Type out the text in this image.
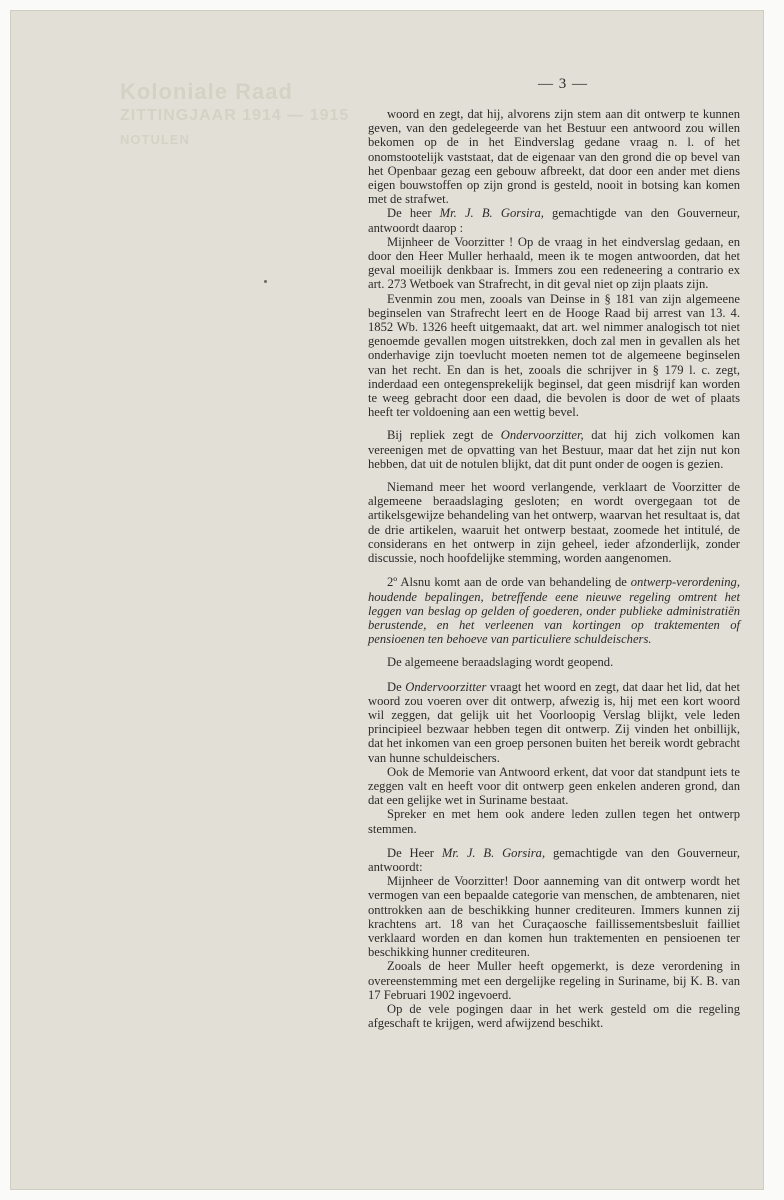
Koloniale Raad
ZITTINGJAAR 1914 — 1915
NOTULEN
— 3 —

woord en zegt, dat hij, alvorens zijn stem aan dit ontwerp te kunnen geven, van den gedelegeerde van het Bestuur een antwoord zou willen bekomen op de in het Eindverslag gedane vraag n. l. of het onomstootelijk vaststaat, dat de eigenaar van den grond die op bevel van het Openbaar gezag een gebouw afbreekt, dat door een ander met diens eigen bouwstoffen op zijn grond is gesteld, nooit in botsing kan komen met de strafwet.

De heer Mr. J. B. Gorsira, gemachtigde van den Gouverneur, antwoordt daarop :

Mijnheer de Voorzitter ! Op de vraag in het eindverslag gedaan, en door den Heer Muller herhaald, meen ik te mogen antwoorden, dat het geval moeilijk denkbaar is. Immers zou een redeneering a contrario ex art. 273 Wetboek van Strafrecht, in dit geval niet op zijn plaats zijn.

Evenmin zou men, zooals van Deinse in § 181 van zijn algemeene beginselen van Strafrecht leert en de Hooge Raad bij arrest van 13. 4. 1852 Wb. 1326 heeft uitgemaakt, dat art. wel nimmer analogisch tot niet genoemde gevallen mogen uitstrekken, doch zal men in gevallen als het onderhavige zijn toevlucht moeten nemen tot de algemeene beginselen van het recht. En dan is het, zooals die schrijver in § 179 l. c. zegt, inderdaad een ontegensprekelijk beginsel, dat geen misdrijf kan worden te weeg gebracht door een daad, die bevolen is door de wet of plaats heeft ter voldoening aan een wettig bevel.

Bij repliek zegt de Ondervoorzitter, dat hij zich volkomen kan vereenigen met de opvatting van het Bestuur, maar dat het zijn nut kon hebben, dat uit de notulen blijkt, dat dit punt onder de oogen is gezien.

Niemand meer het woord verlangende, verklaart de Voorzitter de algemeene beraadslaging gesloten; en wordt overgegaan tot de artikelsgewijze behandeling van het ontwerp, waarvan het resultaat is, dat de drie artikelen, waaruit het ontwerp bestaat, zoomede het intitulé, de considerans en het ontwerp in zijn geheel, ieder afzonderlijk, zonder discussie, noch hoofdelijke stemming, worden aangenomen.

2º Alsnu komt aan de orde van behandeling de ontwerp-verordening, houdende bepalingen, betreffende eene nieuwe regeling omtrent het leggen van beslag op gelden of goederen, onder publieke administratiën berustende, en het verleenen van kortingen op traktementen of pensioenen ten behoeve van particuliere schuldeischers.

De algemeene beraadslaging wordt geopend.

De Ondervoorzitter vraagt het woord en zegt, dat daar het lid, dat het woord zou voeren over dit ontwerp, afwezig is, hij met een kort woord wil zeggen, dat gelijk uit het Voorloopig Verslag blijkt, vele leden principieel bezwaar hebben tegen dit ontwerp. Zij vinden het onbillijk, dat het inkomen van een groep personen buiten het bereik wordt gebracht van hunne schuldeischers.

Ook de Memorie van Antwoord erkent, dat voor dat standpunt iets te zeggen valt en heeft voor dit ontwerp geen enkelen anderen grond, dan dat een gelijke wet in Suriname bestaat.

Spreker en met hem ook andere leden zullen tegen het ontwerp stemmen.

De Heer Mr. J. B. Gorsira, gemachtigde van den Gouverneur, antwoordt:

Mijnheer de Voorzitter! Door aanneming van dit ontwerp wordt het vermogen van een bepaalde categorie van menschen, de ambtenaren, niet onttrokken aan de beschikking hunner crediteuren. Immers kunnen zij krachtens art. 18 van het Curaçaosche faillissementsbesluit failliet verklaard worden en dan komen hun traktementen en pensioenen ter beschikking hunner crediteuren.

Zooals de heer Muller heeft opgemerkt, is deze verordening in overeenstemming met een dergelijke regeling in Suriname, bij K. B. van 17 Februari 1902 ingevoerd.

Op de vele pogingen daar in het werk gesteld om die regeling afgeschaft te krijgen, werd afwijzend beschikt.
